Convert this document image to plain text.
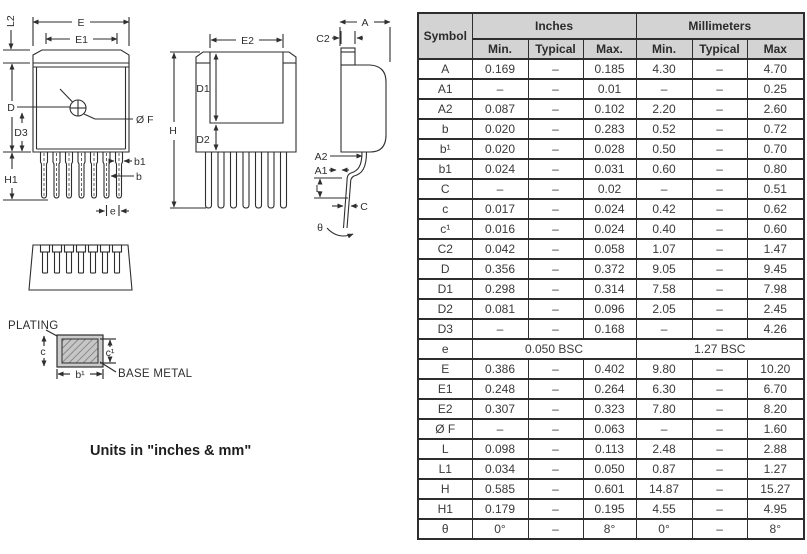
L2	E
E1
D
D3
H1
Ø F
b1
b
e
E2
H
D1
D2
A
C2
A2
A1
L
C
θ
PLATING
BASE METAL
c	c¹
b¹
Units in "inches & mm"
Symbol	Inches			Millimeters		
	Min.	Typical	Max.	Min.	Typical	Max
A	0.169	–	0.185	4.30	–	4.70
A1	–	–	0.01	–	–	0.25
A2	0.087	–	0.102	2.20	–	2.60
b	0.020	–	0.283	0.52	–	0.72
b¹	0.020	–	0.028	0.50	–	0.70
b1	0.024	–	0.031	0.60	–	0.80
C	–	–	0.02	–	–	0.51
c	0.017	–	0.024	0.42	–	0.62
c¹	0.016	–	0.024	0.40	–	0.60
C2	0.042	–	0.058	1.07	–	1.47
D	0.356	–	0.372	9.05	–	9.45
D1	0.298	–	0.314	7.58	–	7.98
D2	0.081	–	0.096	2.05	–	2.45
D3	–	–	0.168	–	–	4.26
e	0.050 BSC			1.27 BSC		
E	0.386	–	0.402	9.80	–	10.20
E1	0.248	–	0.264	6.30	–	6.70
E2	0.307	–	0.323	7.80	–	8.20
Ø F	–	–	0.063	–	–	1.60
L	0.098	–	0.113	2.48	–	2.88
L1	0.034	–	0.050	0.87	–	1.27
H	0.585	–	0.601	14.87	–	15.27
H1	0.179	–	0.195	4.55	–	4.95
θ	0°	–	8°	0°	–	8°
